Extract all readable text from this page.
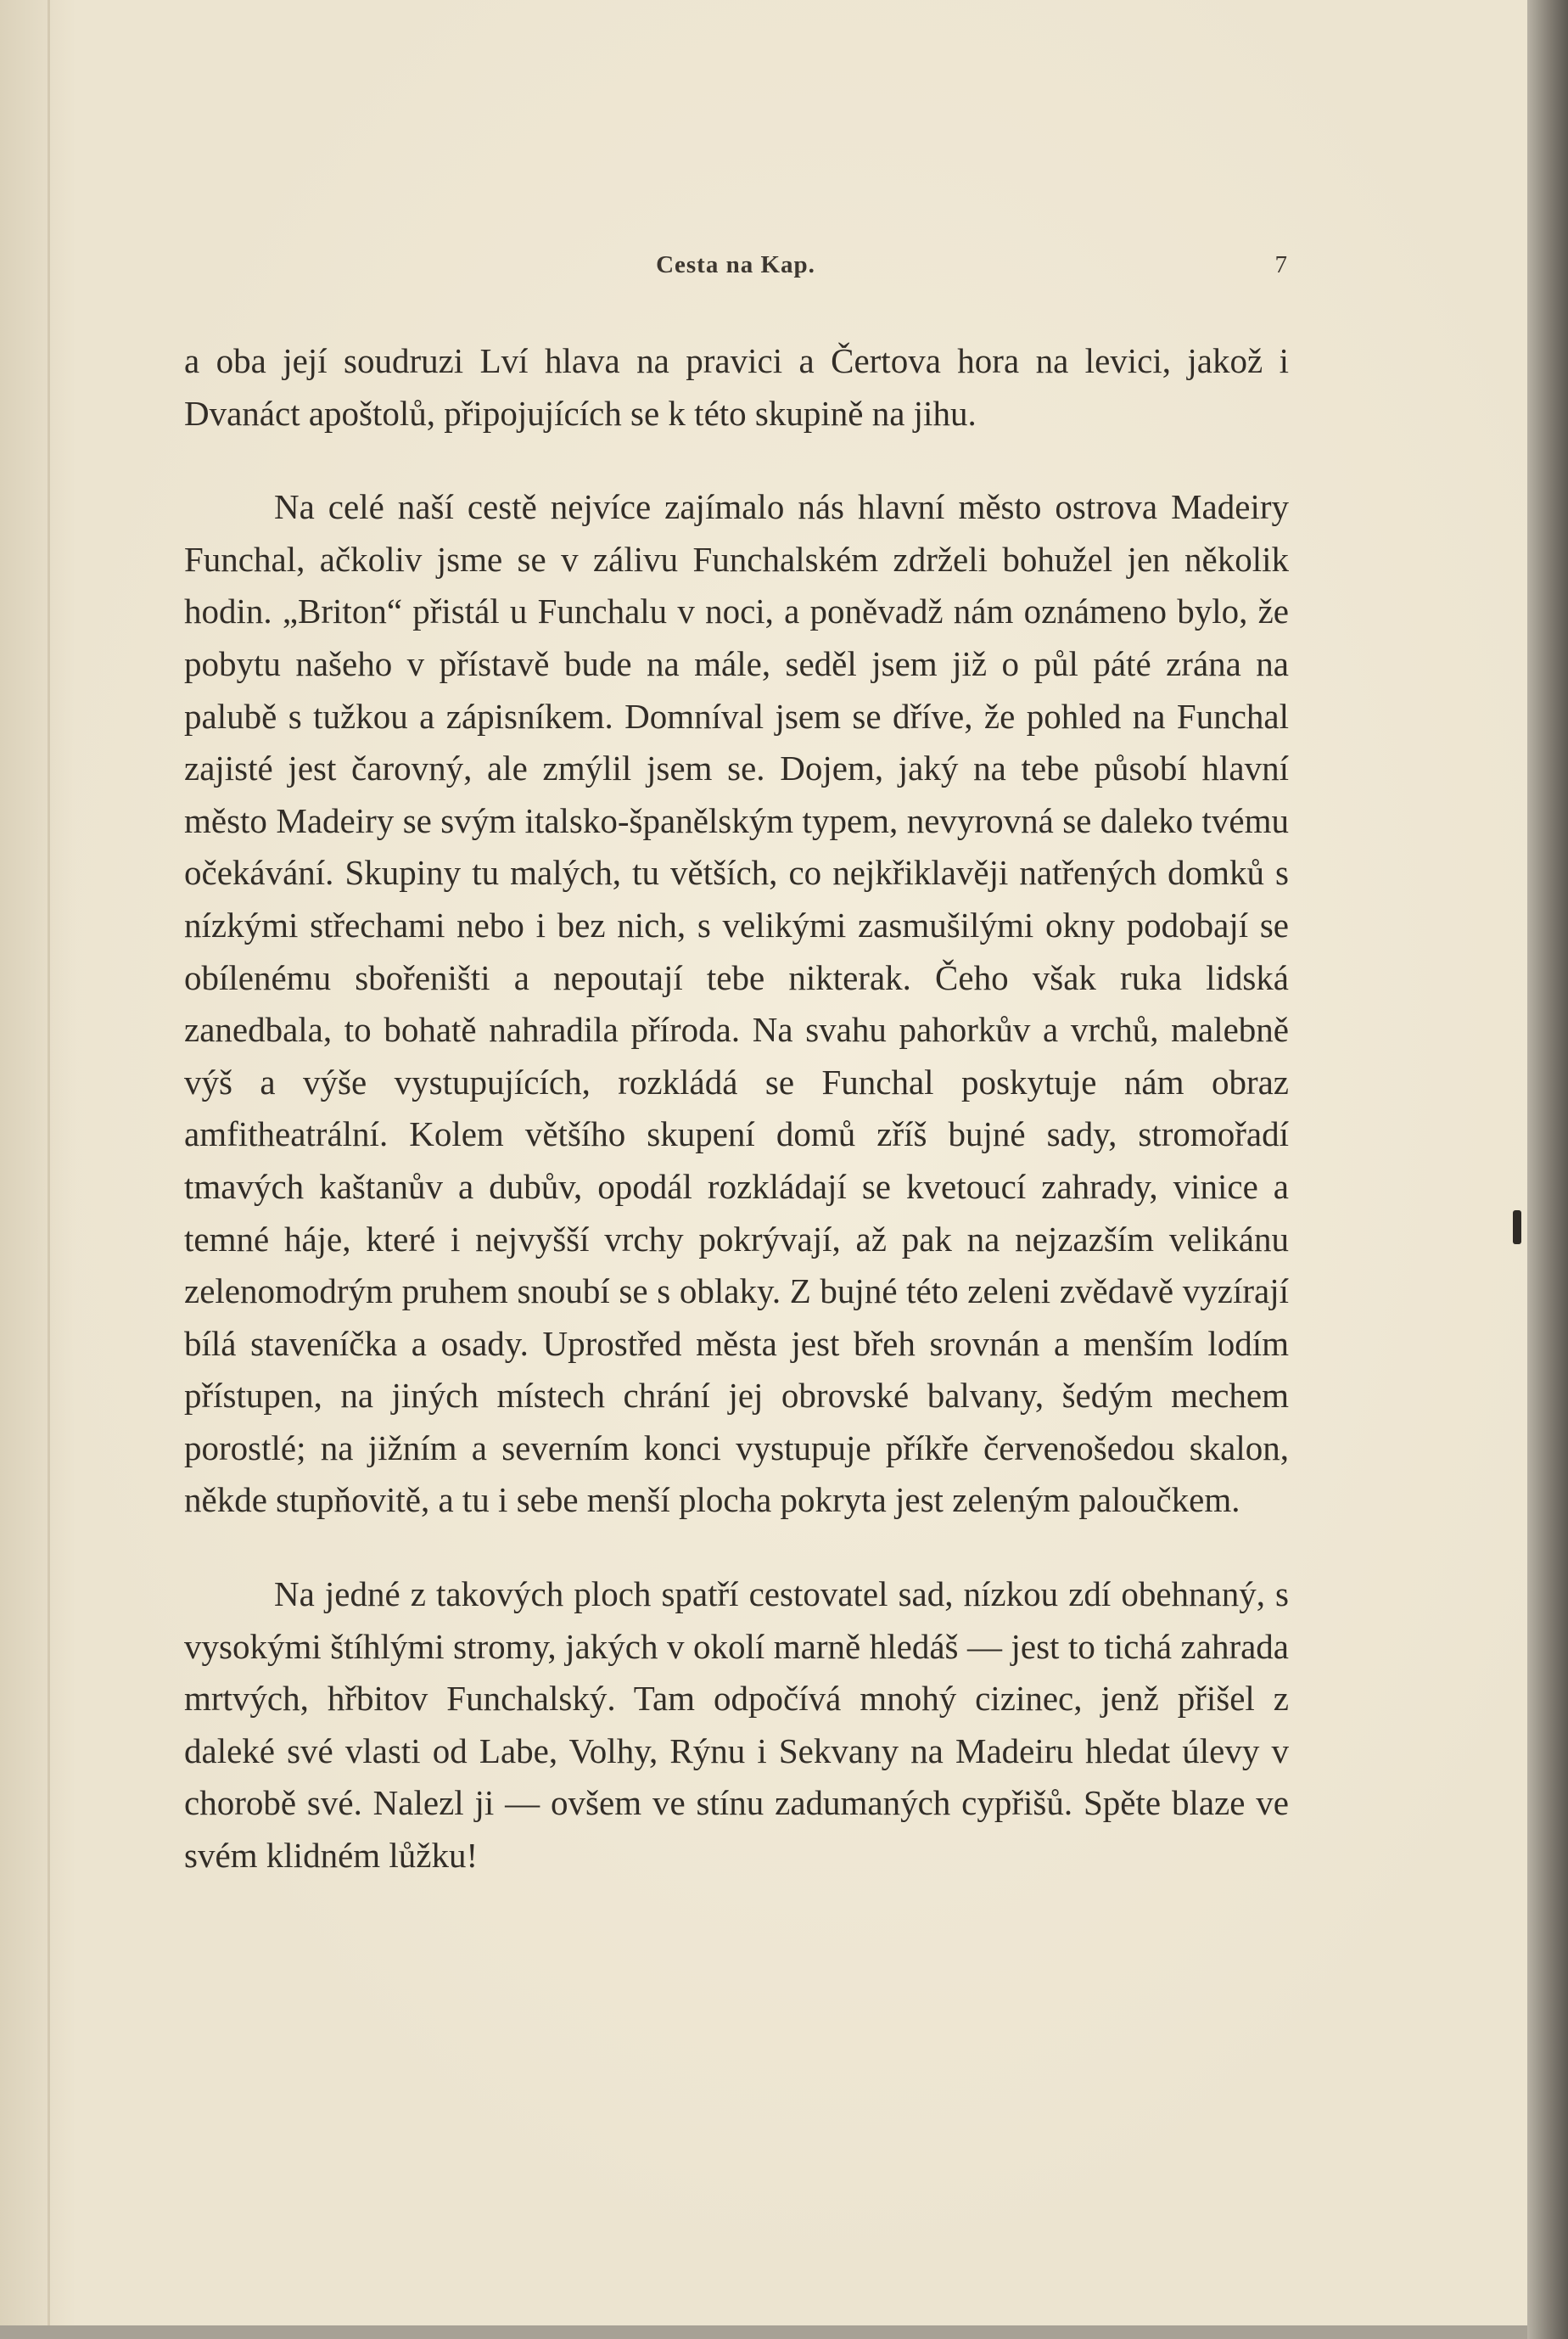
Cesta na Kap.	7

a oba její soudruzi Lví hlava na pravici a Čertova hora na levici, jakož i Dvanáct apoštolů, připojujících se k této skupině na jihu.

Na celé naší cestě nejvíce zajímalo nás hlavní město ostrova Madeiry Funchal, ačkoliv jsme se v zálivu Funchalském zdrželi bohužel jen několik hodin. „Briton“ přistál u Funchalu v noci, a poněvadž nám oznámeno bylo, že pobytu našeho v přístavě bude na mále, seděl jsem již o půl páté zrána na palubě s tužkou a zápisníkem. Domníval jsem se dříve, že pohled na Funchal zajisté jest čarovný, ale zmýlil jsem se. Dojem, jaký na tebe působí hlavní město Madeiry se svým italsko-španělským typem, nevyrovná se daleko tvému očekávání. Skupiny tu malých, tu větších, co nejkřiklavěji natřených domků s nízkými střechami nebo i bez nich, s velikými zasmušilými okny podobají se obílenému sbořeništi a nepoutají tebe nikterak. Čeho však ruka lidská zanedbala, to bohatě nahradila příroda. Na svahu pahorkův a vrchů, malebně výš a výše vystupujících, rozkládá se Funchal poskytuje nám obraz amfitheatrální. Kolem většího skupení domů zříš bujné sady, stromořadí tmavých kaštanův a dubův, opodál rozkládají se kvetoucí zahrady, vinice a temné háje, které i nejvyšší vrchy pokrývají, až pak na nejzazším velikánu zelenomodrým pruhem snoubí se s oblaky. Z bujné této zeleni zvědavě vyzírají bílá staveníčka a osady. Uprostřed města jest břeh srovnán a menším lodím přístupen, na jiných místech chrání jej obrovské balvany, šedým mechem porostlé; na jižním a severním konci vystupuje příkře červenošedou skalon, někde stupňovitě, a tu i sebe menší plocha pokryta jest zeleným paloučkem.

Na jedné z takových ploch spatří cestovatel sad, nízkou zdí obehnaný, s vysokými štíhlými stromy, jakých v okolí marně hledáš — jest to tichá zahrada mrtvých, hřbitov Funchalský. Tam odpočívá mnohý cizinec, jenž přišel z daleké své vlasti od Labe, Volhy, Rýnu i Sekvany na Madeiru hledat úlevy v chorobě své. Nalezl ji — ovšem ve stínu zadumaných cypřišů. Spěte blaze ve svém klidném lůžku!
